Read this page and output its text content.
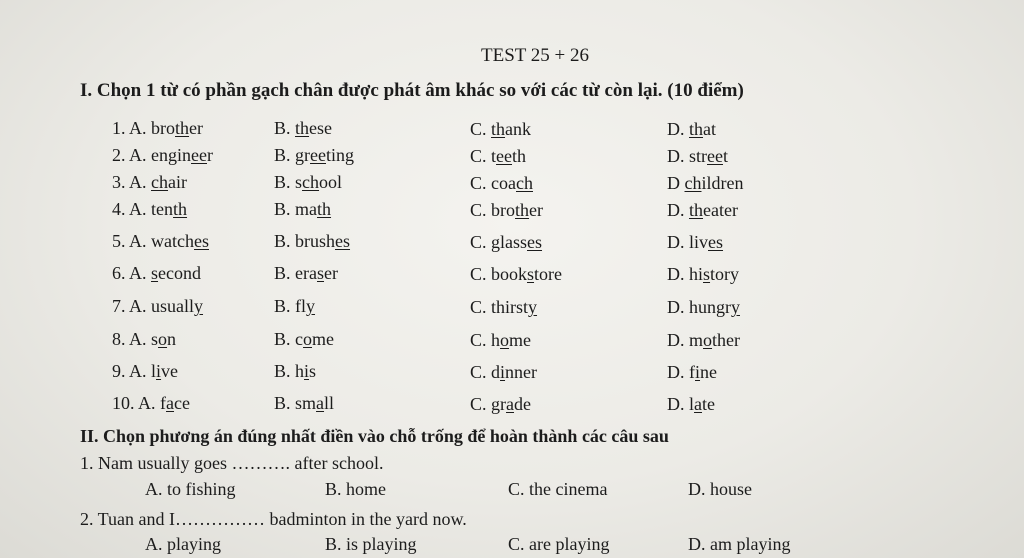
TEST 25 + 26
I. Chọn 1 từ có phần gạch chân được phát âm khác so với các từ còn lại. (10 điểm)
1. A. brother	B. these	C. thank	D. that
2. A. engineer	B. greeting	C. teeth	D. street
3. A. chair	B. school	C. coach	D children
4. A. tenth	B. math	C. brother	D. theater
5. A. watches	B. brushes	C. glasses	D. lives
6. A. second	B. eraser	C. bookstore	D. history
7. A. usually	B. fly	C. thirsty	D. hungry
8. A. son	B. come	C. home	D. mother
9. A. live	B. his	C. dinner	D. fine
10. A. face	B. small	C. grade	D. late
II. Chọn phương án đúng nhất điền vào chỗ trống để hoàn thành các câu sau
1. Nam usually goes ………. after school.
A. to fishing	B. home	C. the cinema	D. house
2. Tuan and I…………… badminton in the yard now.
A. playing	B. is playing	C. are playing	D. am playing
